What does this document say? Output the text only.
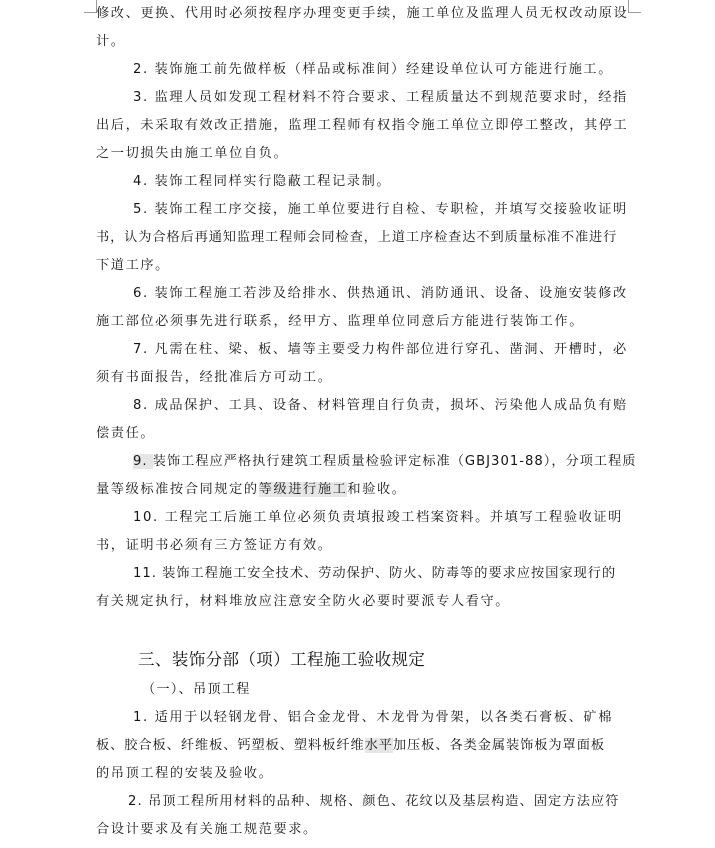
修改、更换、代用时必须按程序办理变更手续，施工单位及监理人员无权改动原设
计。
2. 装饰施工前先做样板（样品或标准间）经建设单位认可方能进行施工。
3. 监理人员如发现工程材料不符合要求、工程质量达不到规范要求时，经指
出后，未采取有效改正措施，监理工程师有权指令施工单位立即停工整改，其停工
之一切损失由施工单位自负。
4. 装饰工程同样实行隐蔽工程记录制。
5. 装饰工程工序交接，施工单位要进行自检、专职检，并填写交接验收证明
书，认为合格后再通知监理工程师会同检查，上道工序检查达不到质量标准不准进行
下道工序。
6. 装饰工程施工若涉及给排水、供热通讯、消防通讯、设备、设施安装修改
施工部位必须事先进行联系，经甲方、监理单位同意后方能进行装饰工作。
7. 凡需在柱、梁、板、墙等主要受力构件部位进行穿孔、凿洞、开槽时，必
须有书面报告，经批准后方可动工。
8. 成品保护、工具、设备、材料管理自行负责，损坏、污染他人成品负有赔
偿责任。
9. 装饰工程应严格执行建筑工程质量检验评定标准（GBJ301-88），分项工程质
量等级标准按合同规定的等级进行施工和验收。
10. 工程完工后施工单位必须负责填报竣工档案资料。并填写工程验收证明
书，证明书必须有三方签证方有效。
11. 装饰工程施工安全技术、劳动保护、防火、防毒等的要求应按国家现行的
有关规定执行，材料堆放应注意安全防火必要时要派专人看守。
三、装饰分部（项）工程施工验收规定
（一）、吊顶工程
1. 适用于以轻钢龙骨、铝合金龙骨、木龙骨为骨架，以各类石膏板、矿棉
板、胶合板、纤维板、钙塑板、塑料板纤维水平加压板、各类金属装饰板为罩面板
的吊顶工程的安装及验收。
2. 吊顶工程所用材料的品种、规格、颜色、花纹以及基层构造、固定方法应符
合设计要求及有关施工规范要求。
